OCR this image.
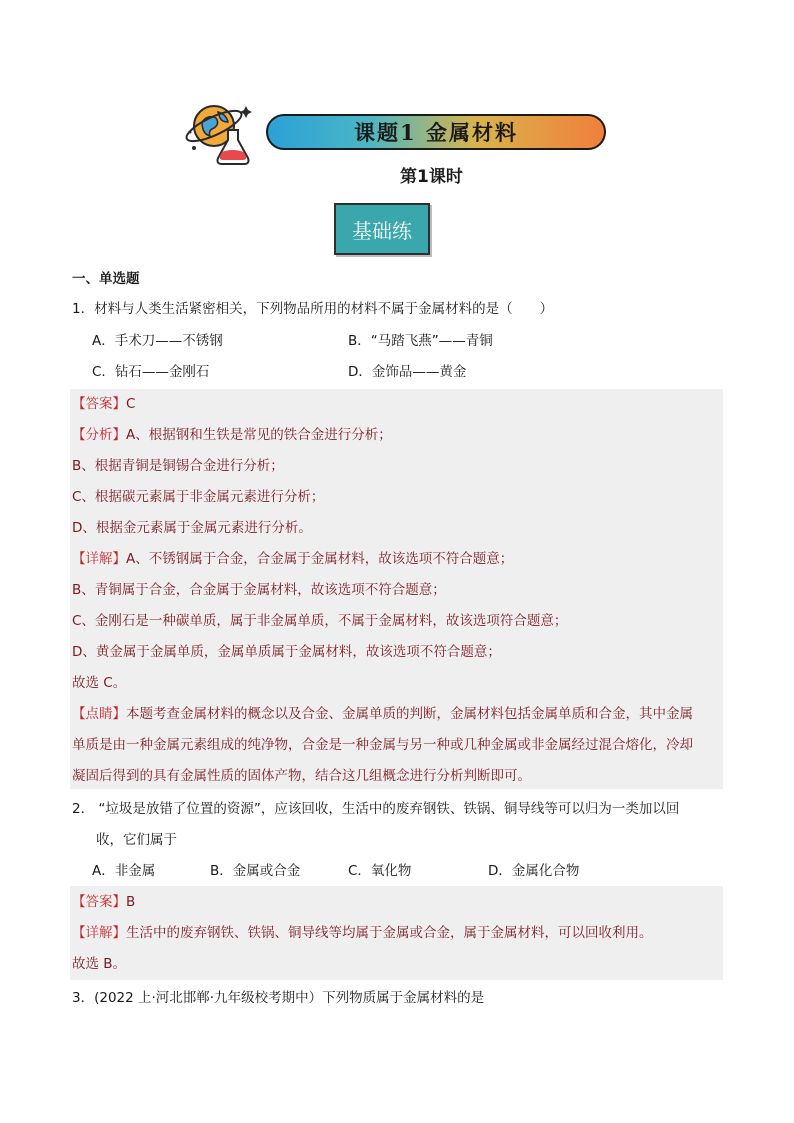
课题1 金属材料
第1课时
基础练
一、单选题
1．材料与人类生活紧密相关，下列物品所用的材料不属于金属材料的是（　　）
A．手术刀——不锈钢	B．“马踏飞燕”——青铜
C．钻石——金刚石	D．金饰品——黄金
【答案】C
【分析】A、根据钢和生铁是常见的铁合金进行分析；
B、根据青铜是铜锡合金进行分析；
C、根据碳元素属于非金属元素进行分析；
D、根据金元素属于金属元素进行分析。
【详解】A、不锈钢属于合金，合金属于金属材料，故该选项不符合题意；
B、青铜属于合金，合金属于金属材料，故该选项不符合题意；
C、金刚石是一种碳单质，属于非金属单质，不属于金属材料，故该选项符合题意；
D、黄金属于金属单质，金属单质属于金属材料，故该选项不符合题意；
故选 C。
【点睛】本题考查金属材料的概念以及合金、金属单质的判断，金属材料包括金属单质和合金，其中金属
单质是由一种金属元素组成的纯净物，合金是一种金属与另一种或几种金属或非金属经过混合熔化，冷却
凝固后得到的具有金属性质的固体产物，结合这几组概念进行分析判断即可。
2． “垃圾是放错了位置的资源”，应该回收，生活中的废弃钢铁、铁锅、铜导线等可以归为一类加以回
收，它们属于
A．非金属	B．金属或合金	C．氧化物	D．金属化合物
【答案】B
【详解】生活中的废弃钢铁、铁锅、铜导线等均属于金属或合金，属于金属材料，可以回收利用。
故选 B。
3．(2022 上·河北邯郸·九年级校考期中）下列物质属于金属材料的是
